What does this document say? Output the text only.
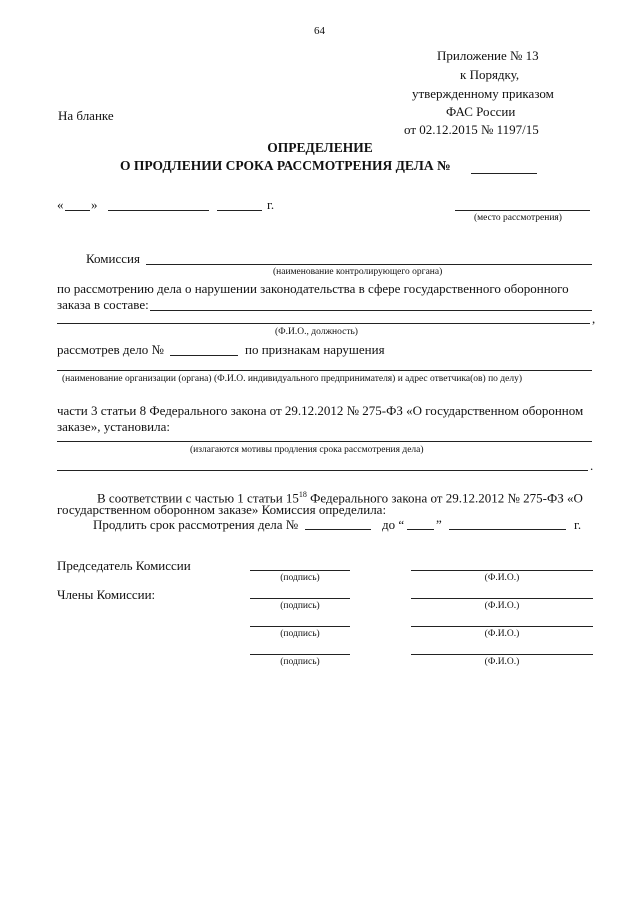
64
Приложение № 13
к Порядку,
утвержденному приказом
ФАС России
от 02.12.2015 № 1197/15
На бланке
ОПРЕДЕЛЕНИЕ
О ПРОДЛЕНИИ СРОКА РАССМОТРЕНИЯ ДЕЛА №
« »	г.
(место рассмотрения)
Комиссия
(наименование контролирующего органа)
по рассмотрению дела о нарушении законодательства в сфере государственного оборонного
заказа в составе:
,
(Ф.И.О., должность)
рассмотрев дело №	по признакам нарушения
(наименование организации (органа) (Ф.И.О. индивидуального предпринимателя) и адрес ответчика(ов) по делу)
части 3 статьи 8 Федерального закона от 29.12.2012 № 275-ФЗ «О государственном оборонном
заказе», установила:
(излагаются мотивы продления срока рассмотрения дела)
.
В соответствии с частью 1 статьи $15^{18}$ Федерального закона от 29.12.2012 № 275-ФЗ «О
государственном оборонном заказе» Комиссия определила:
Продлить срок рассмотрения дела №	до “ ”	г.
Председатель Комиссии
(подпись)	(Ф.И.О.)
Члены Комиссии:
(подпись)	(Ф.И.О.)
(подпись)	(Ф.И.О.)
(подпись)	(Ф.И.О.)
